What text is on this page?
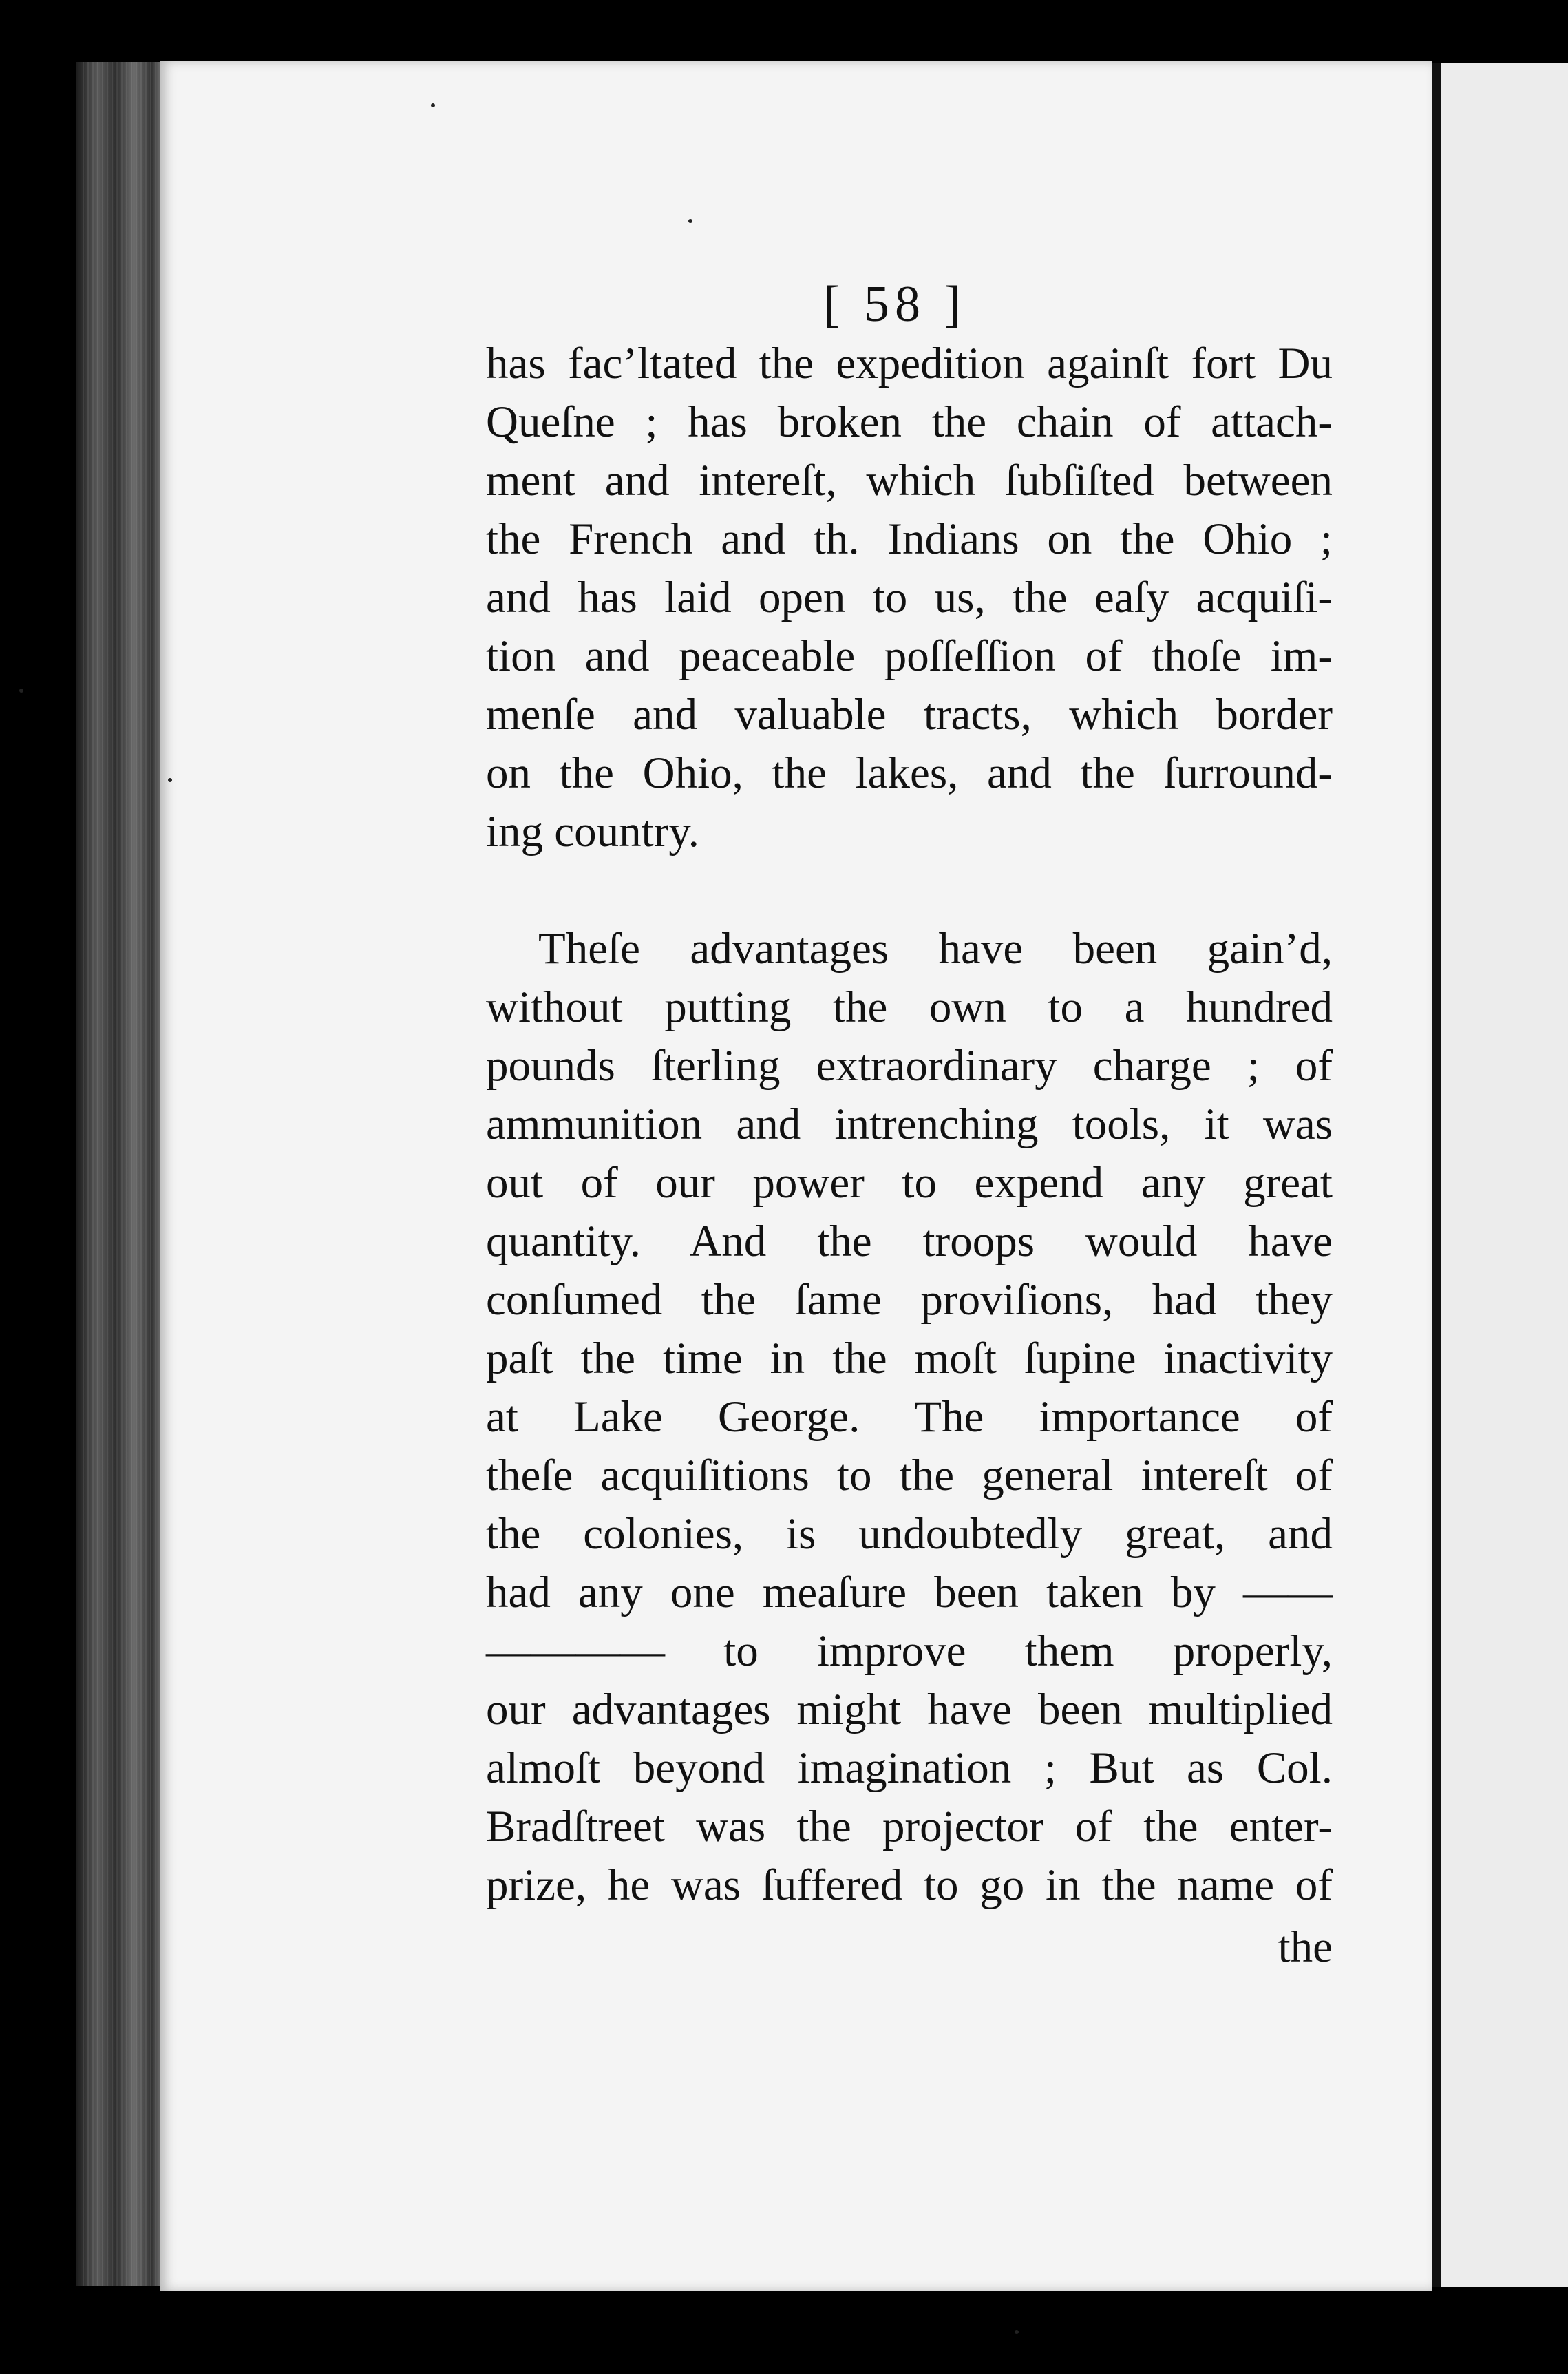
[ 58 ]
has fac’ltated the expedition againſt fort Du
Queſne ; has broken the chain of attach-
ment and intereſt, which ſubſiſted between
the French and th. Indians on the Ohio ;
and has laid open to us, the eaſy acquiſi-
tion and peaceable poſſeſſion of thoſe im-
menſe and valuable tracts, which border
on the Ohio, the lakes, and the ſurround-
ing country.
Theſe advantages have been gain’d,
without putting the own to a hundred
pounds ſterling extraordinary charge ; of
ammunition and intrenching tools, it was
out of our power to expend any great
quantity. And the troops would have
conſumed the ſame proviſions, had they
paſt the time in the moſt ſupine inactivity
at Lake George. The importance of
theſe acquiſitions to the general intereſt of
the colonies, is undoubtedly great, and
had any one meaſure been taken by ——
———— to improve them properly,
our advantages might have been multiplied
almoſt beyond imagination ; But as Col.
Bradſtreet was the projector of the enter-
prize, he was ſuffered to go in the name of
the
